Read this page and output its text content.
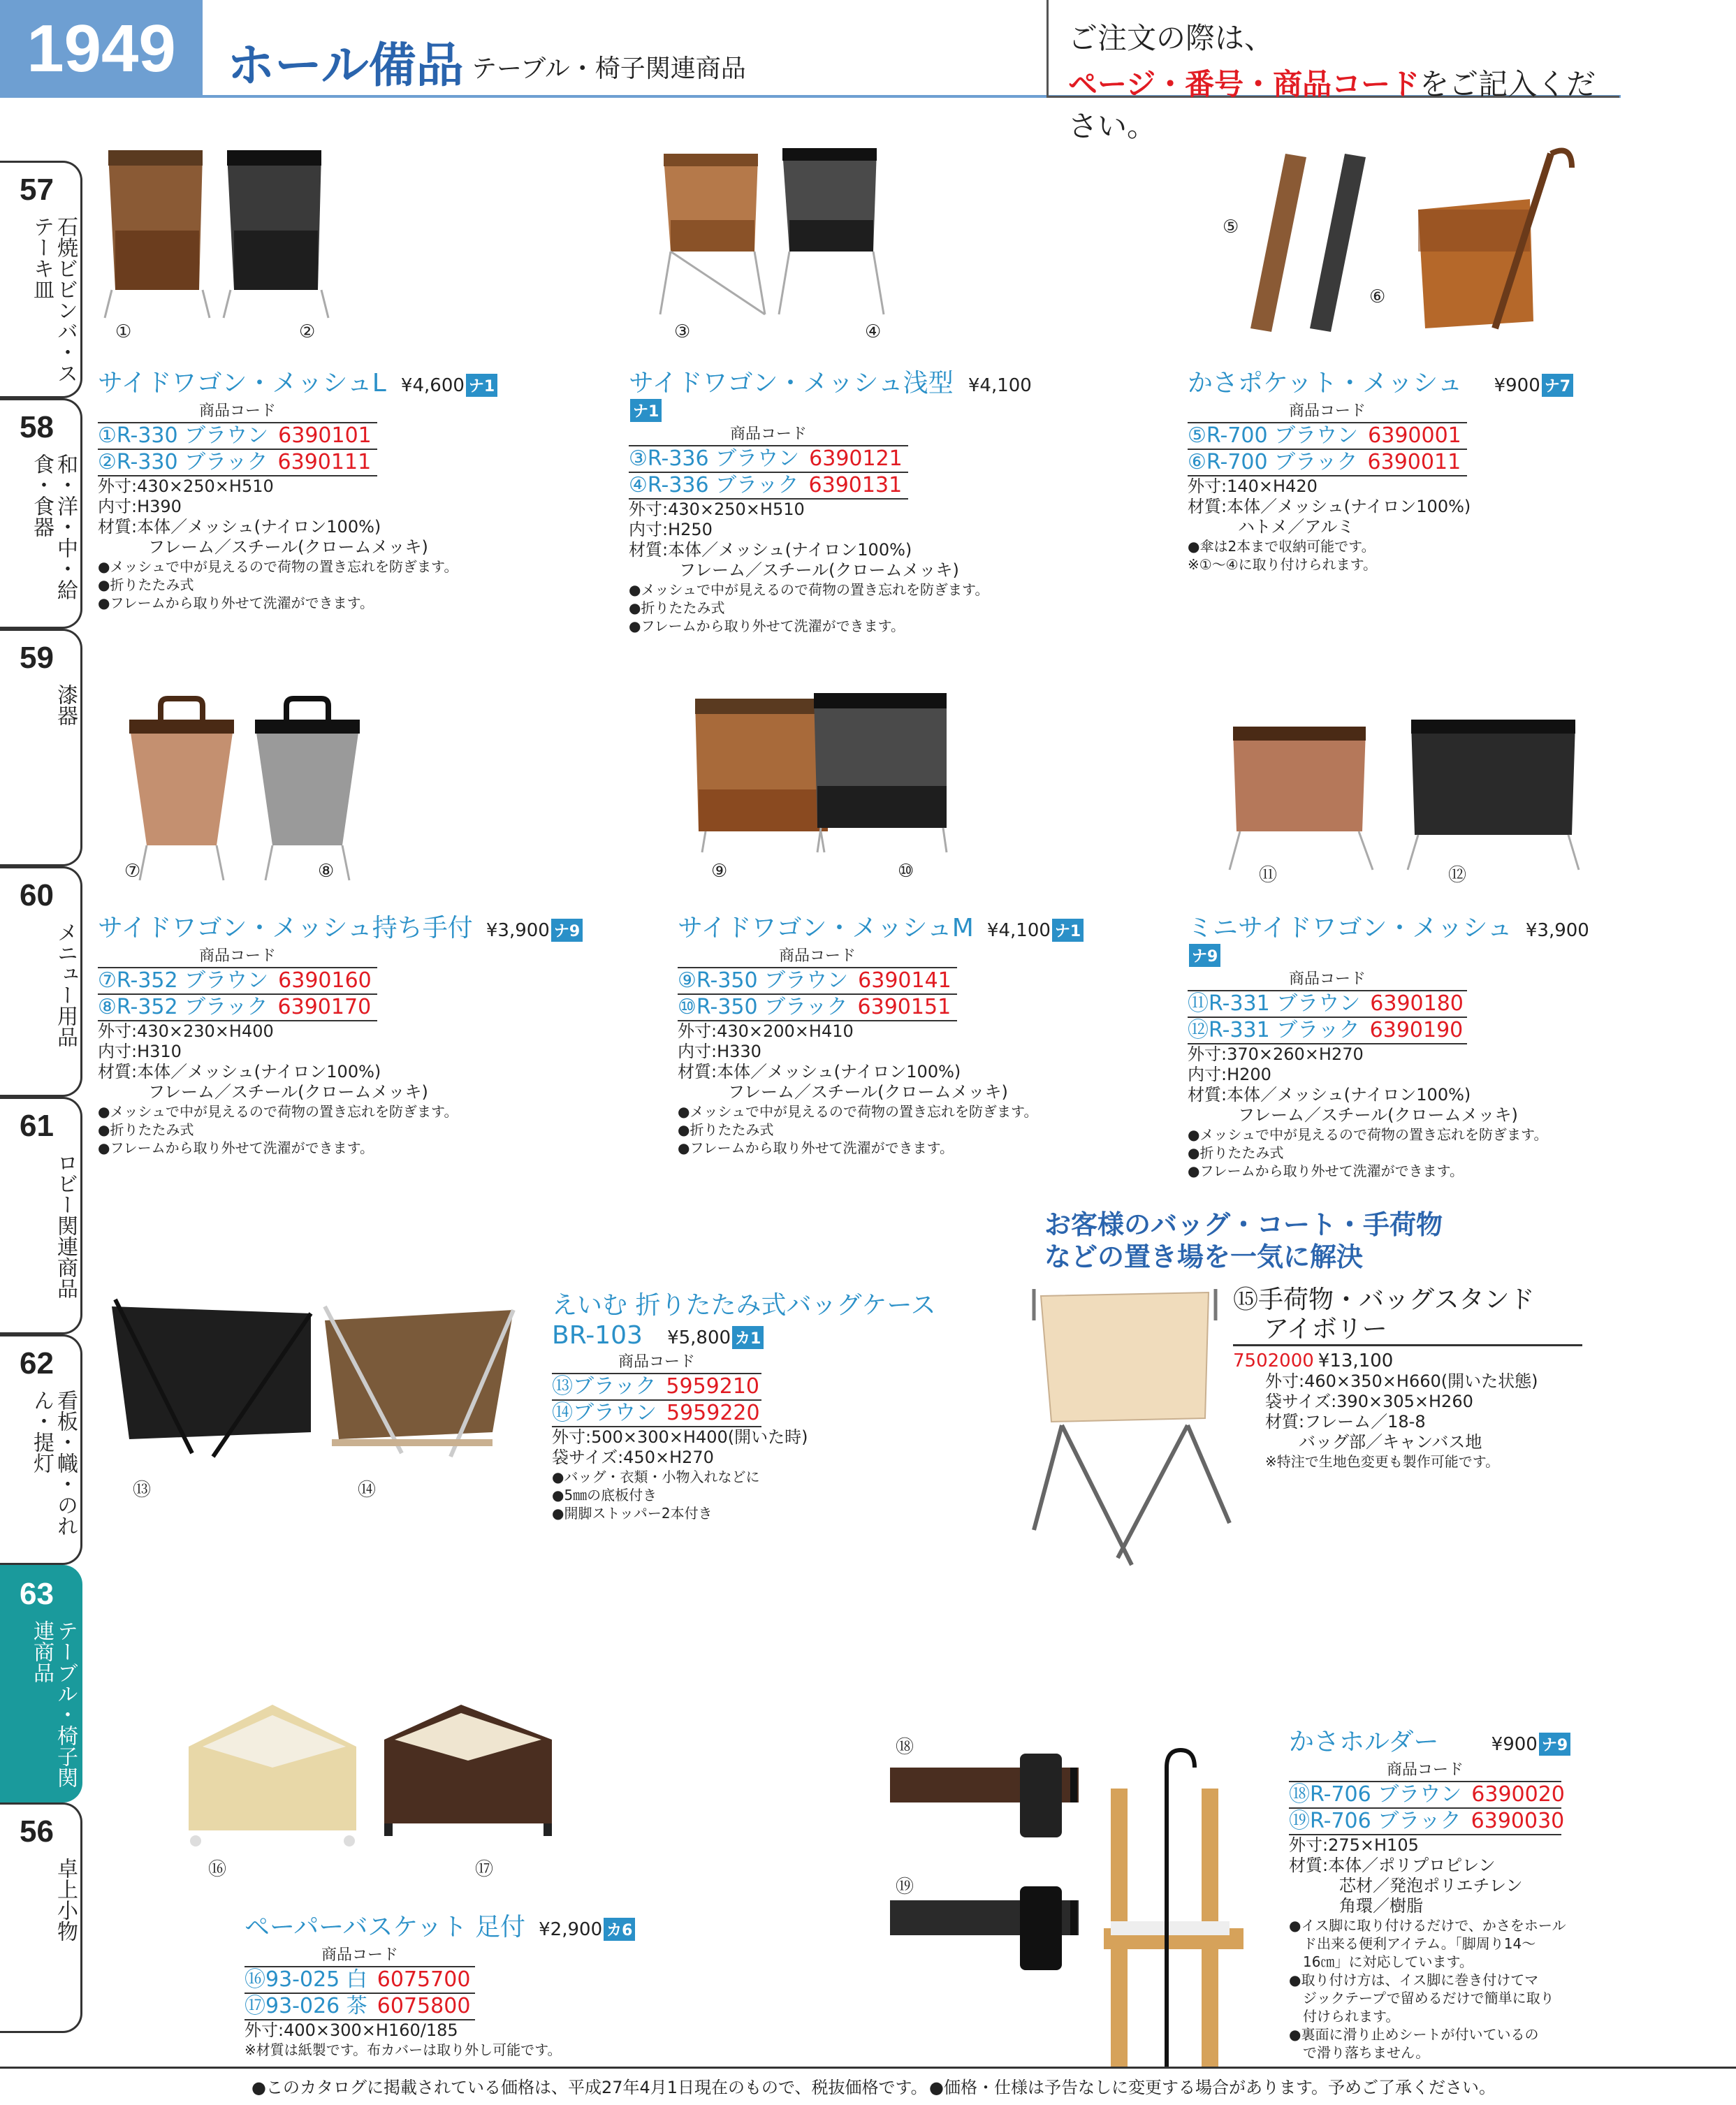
1949	ホール備品 テーブル・椅子関連商品
ご注文の際は、
ページ・番号・商品コードをご記入ください。
57
石焼ビビンバ・ステーキ皿
58
和・洋・中・給食・食器
59
漆器
60
メニュー用品
61
ロビー関連商品
62
看板・幟・のれん・提灯
63
テーブル・椅子関連商品
56
卓上小物
①	②
サイドワゴン・メッシュL ¥4,600 ナ1
商品コード
①R-330 ブラウン 6390101
②R-330 ブラック 6390111
外寸:430×250×H510
内寸:H390
材質:本体／メッシュ(ナイロン100%)
　　　フレーム／スチール(クロームメッキ)
●メッシュで中が見えるので荷物の置き忘れを防ぎます。
●折りたたみ式
●フレームから取り外せて洗濯ができます。
③	④
サイドワゴン・メッシュ浅型 ¥4,100ナ1
商品コード
③R-336 ブラウン 6390121
④R-336 ブラック 6390131
外寸:430×250×H510
内寸:H250
材質:本体／メッシュ(ナイロン100%)
　　　フレーム／スチール(クロームメッキ)
●メッシュで中が見えるので荷物の置き忘れを防ぎます。
●折りたたみ式
●フレームから取り外せて洗濯ができます。
⑤
⑥
かさポケット・メッシュ ¥900 ナ7
商品コード
⑤R-700 ブラウン 6390001
⑥R-700 ブラック 6390011
外寸:140×H420
材質:本体／メッシュ(ナイロン100%)
　　　ハトメ／アルミ
●傘は2本まで収納可能です。
※①〜④に取り付けられます。
⑦	⑧
サイドワゴン・メッシュ持ち手付 ¥3,900 ナ9
商品コード
⑦R-352 ブラウン 6390160
⑧R-352 ブラック 6390170
外寸:430×230×H400
内寸:H310
材質:本体／メッシュ(ナイロン100%)
　　　フレーム／スチール(クロームメッキ)
●メッシュで中が見えるので荷物の置き忘れを防ぎます。
●折りたたみ式
●フレームから取り外せて洗濯ができます。
⑨	⑩
サイドワゴン・メッシュM ¥4,100 ナ1
商品コード
⑨R-350 ブラウン 6390141
⑩R-350 ブラック 6390151
外寸:430×200×H410
内寸:H330
材質:本体／メッシュ(ナイロン100%)
　　　フレーム／スチール(クロームメッキ)
●メッシュで中が見えるので荷物の置き忘れを防ぎます。
●折りたたみ式
●フレームから取り外せて洗濯ができます。
⑪	⑫
ミニサイドワゴン・メッシュ ¥3,900ナ9
商品コード
⑪R-331 ブラウン 6390180
⑫R-331 ブラック 6390190
外寸:370×260×H270
内寸:H200
材質:本体／メッシュ(ナイロン100%)
　　　フレーム／スチール(クロームメッキ)
●メッシュで中が見えるので荷物の置き忘れを防ぎます。
●折りたたみ式
●フレームから取り外せて洗濯ができます。
⑬	⑭
えいむ 折りたたみ式バッグケース
BR-103 ¥5,800 カ1
商品コード
⑬ブラック 5959210
⑭ブラウン 5959220
外寸:500×300×H400(開いた時)
袋サイズ:450×H270
●バッグ・衣類・小物入れなどに
●5㎜の底板付き
●開脚ストッパー2本付き
お客様のバッグ・コート・手荷物
などの置き場を一気に解決
⑮手荷物・バッグスタンド
アイボリー
7502000 ¥13,100
外寸:460×350×H660(開いた状態)
袋サイズ:390×305×H260
材質:フレーム／18-8
　　バッグ部／キャンバス地
※特注で生地色変更も製作可能です。
⑯	⑰
ペーパーバスケット 足付 ¥2,900 カ6
商品コード
⑯93-025 白 6075700
⑰93-026 茶 6075800
外寸:400×300×H160/185
※材質は紙製です。布カバーは取り外し可能です。
⑱
⑲
かさホルダー	¥900 ナ9
商品コード
⑱R-706 ブラウン 6390020
⑲R-706 ブラック 6390030
外寸:275×H105
材質:本体／ポリプロピレン
　　　芯材／発泡ポリエチレン
　　　角環／樹脂
●イス脚に取り付けるだけで、かさをホール
　ド出来る便利アイテム。「脚周り14〜
　16㎝」に対応しています。
●取り付け方は、イス脚に巻き付けてマ
　ジックテープで留めるだけで簡単に取り
　付けられます。
●裏面に滑り止めシートが付いているの
　で滑り落ちません。
●このカタログに掲載されている価格は、平成27年4月1日現在のもので、税抜価格です。 ●価格・仕様は予告なしに変更する場合があります。予めご了承ください。
